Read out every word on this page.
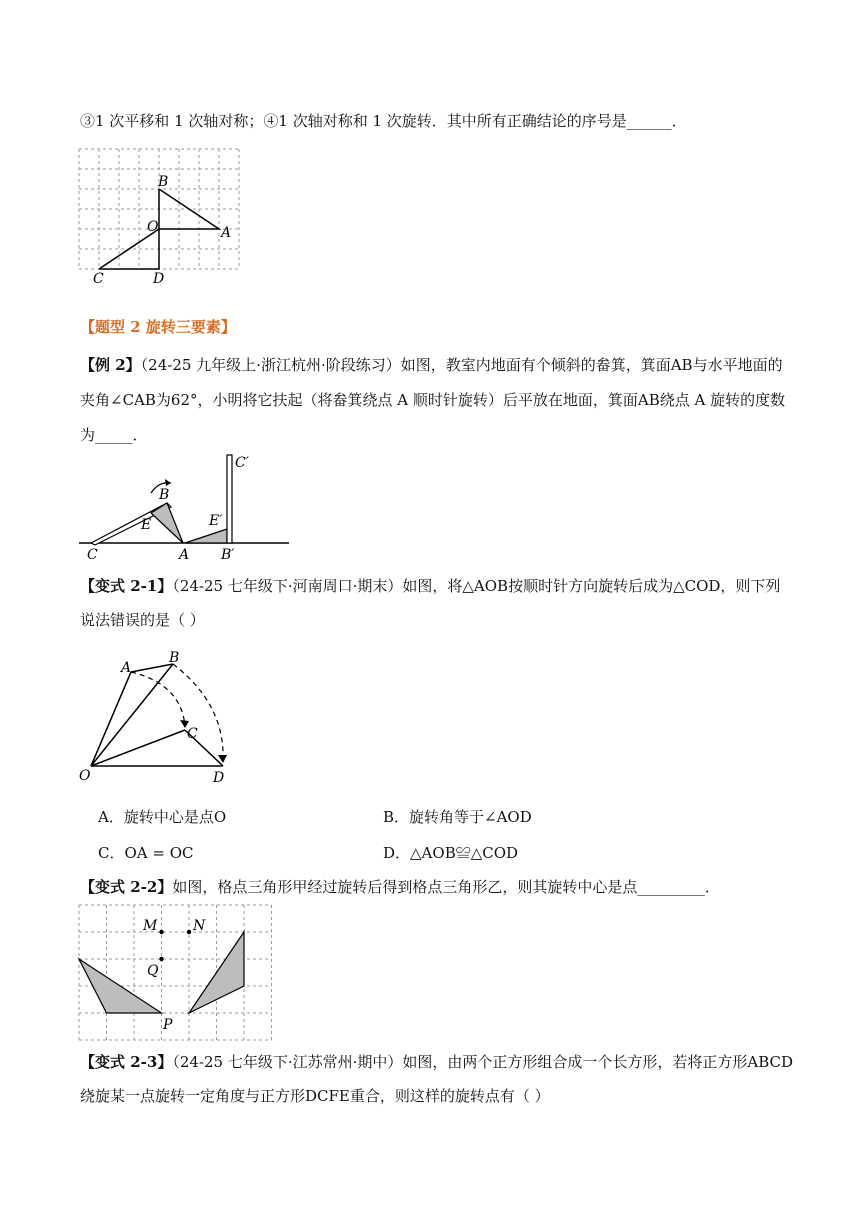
③1 次平移和 1 次轴对称；④1 次轴对称和 1 次旋转．其中所有正确结论的序号是______．
B
O	A
C	D
【题型 2 旋转三要素】
【例 2】（24-25 九年级上·浙江杭州·阶段练习）如图，教室内地面有个倾斜的畚箕，箕面AB与水平地面的
夹角∠CAB为62°，小明将它扶起（将畚箕绕点 A 顺时针旋转）后平放在地面，箕面AB绕点 A 旋转的度数
为_____．
C′
B
E′
E
C	A B′
【变式 2-1】（24-25 七年级下·河南周口·期末）如图，将△AOB按顺时针方向旋转后成为△COD，则下列
说法错误的是（ ）
A
B
C
O	D
A．旋转中心是点O	B．旋转角等于∠AOD
C．OA = OC	D．△AOB≌△COD
【变式 2-2】如图，格点三角形甲经过旋转后得到格点三角形乙，则其旋转中心是点_________．
M	N
Q
P
【变式 2-3】（24-25 七年级下·江苏常州·期中）如图，由两个正方形组合成一个长方形，若将正方形ABCD
绕旋某一点旋转一定角度与正方形DCFE重合，则这样的旋转点有（ ）
